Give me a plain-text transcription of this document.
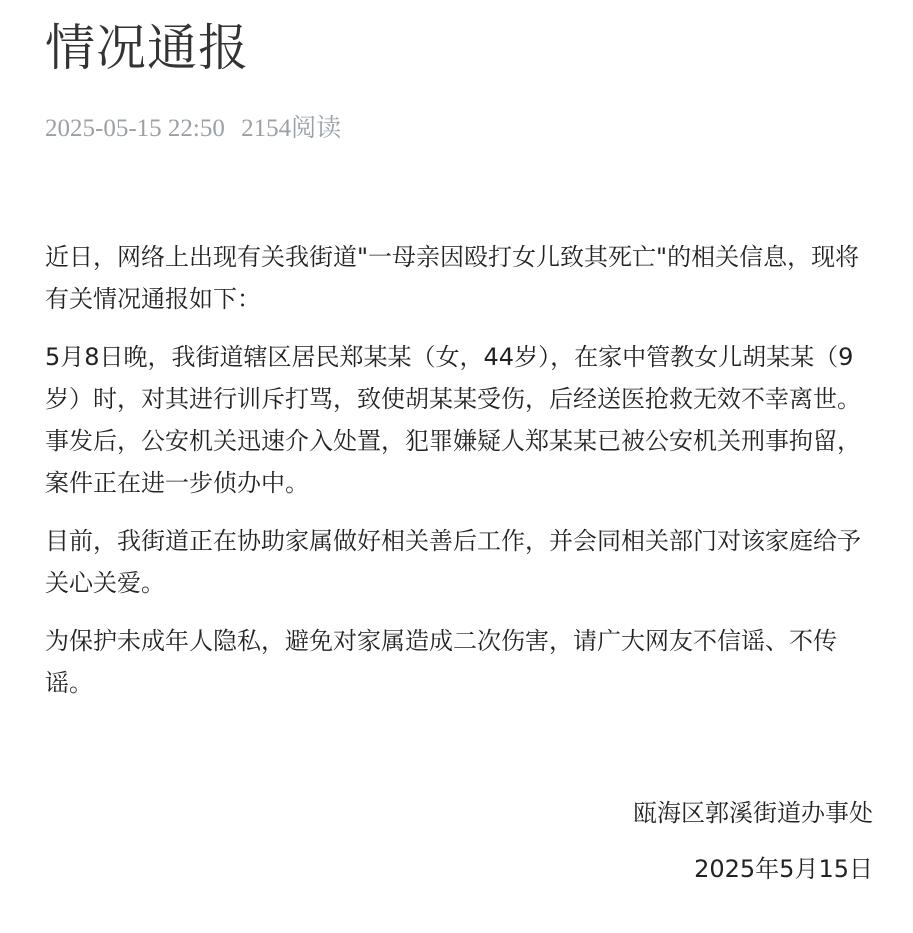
情况通报
2025-05-15 22:50 2154阅读

近日，网络上出现有关我街道"一母亲因殴打女儿致其死亡"的相关信息，现将有关情况通报如下：

5月8日晚，我街道辖区居民郑某某（女，44岁），在家中管教女儿胡某某（9岁）时，对其进行训斥打骂，致使胡某某受伤，后经送医抢救无效不幸离世。事发后，公安机关迅速介入处置，犯罪嫌疑人郑某某已被公安机关刑事拘留，案件正在进一步侦办中。

目前，我街道正在协助家属做好相关善后工作，并会同相关部门对该家庭给予关心关爱。

为保护未成年人隐私，避免对家属造成二次伤害，请广大网友不信谣、不传谣。

瓯海区郭溪街道办事处
2025年5月15日
